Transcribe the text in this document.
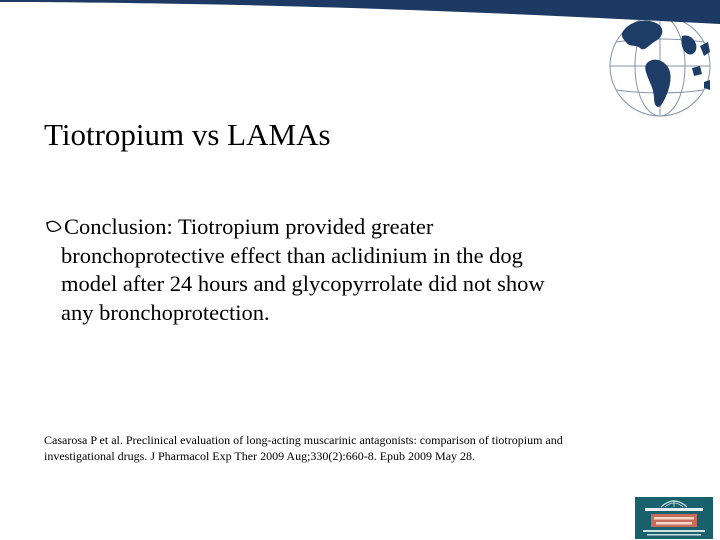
Tiotropium vs LAMAs
Conclusion: Tiotropium provided greater
bronchoprotective effect than aclidinium in the dog
model after 24 hours and glycopyrrolate did not show
any bronchoprotection.

Casarosa P et al. Preclinical evaluation of long-acting muscarinic antagonists: comparison of tiotropium and
investigational drugs. J Pharmacol Exp Ther 2009 Aug;330(2):660-8. Epub 2009 May 28.
